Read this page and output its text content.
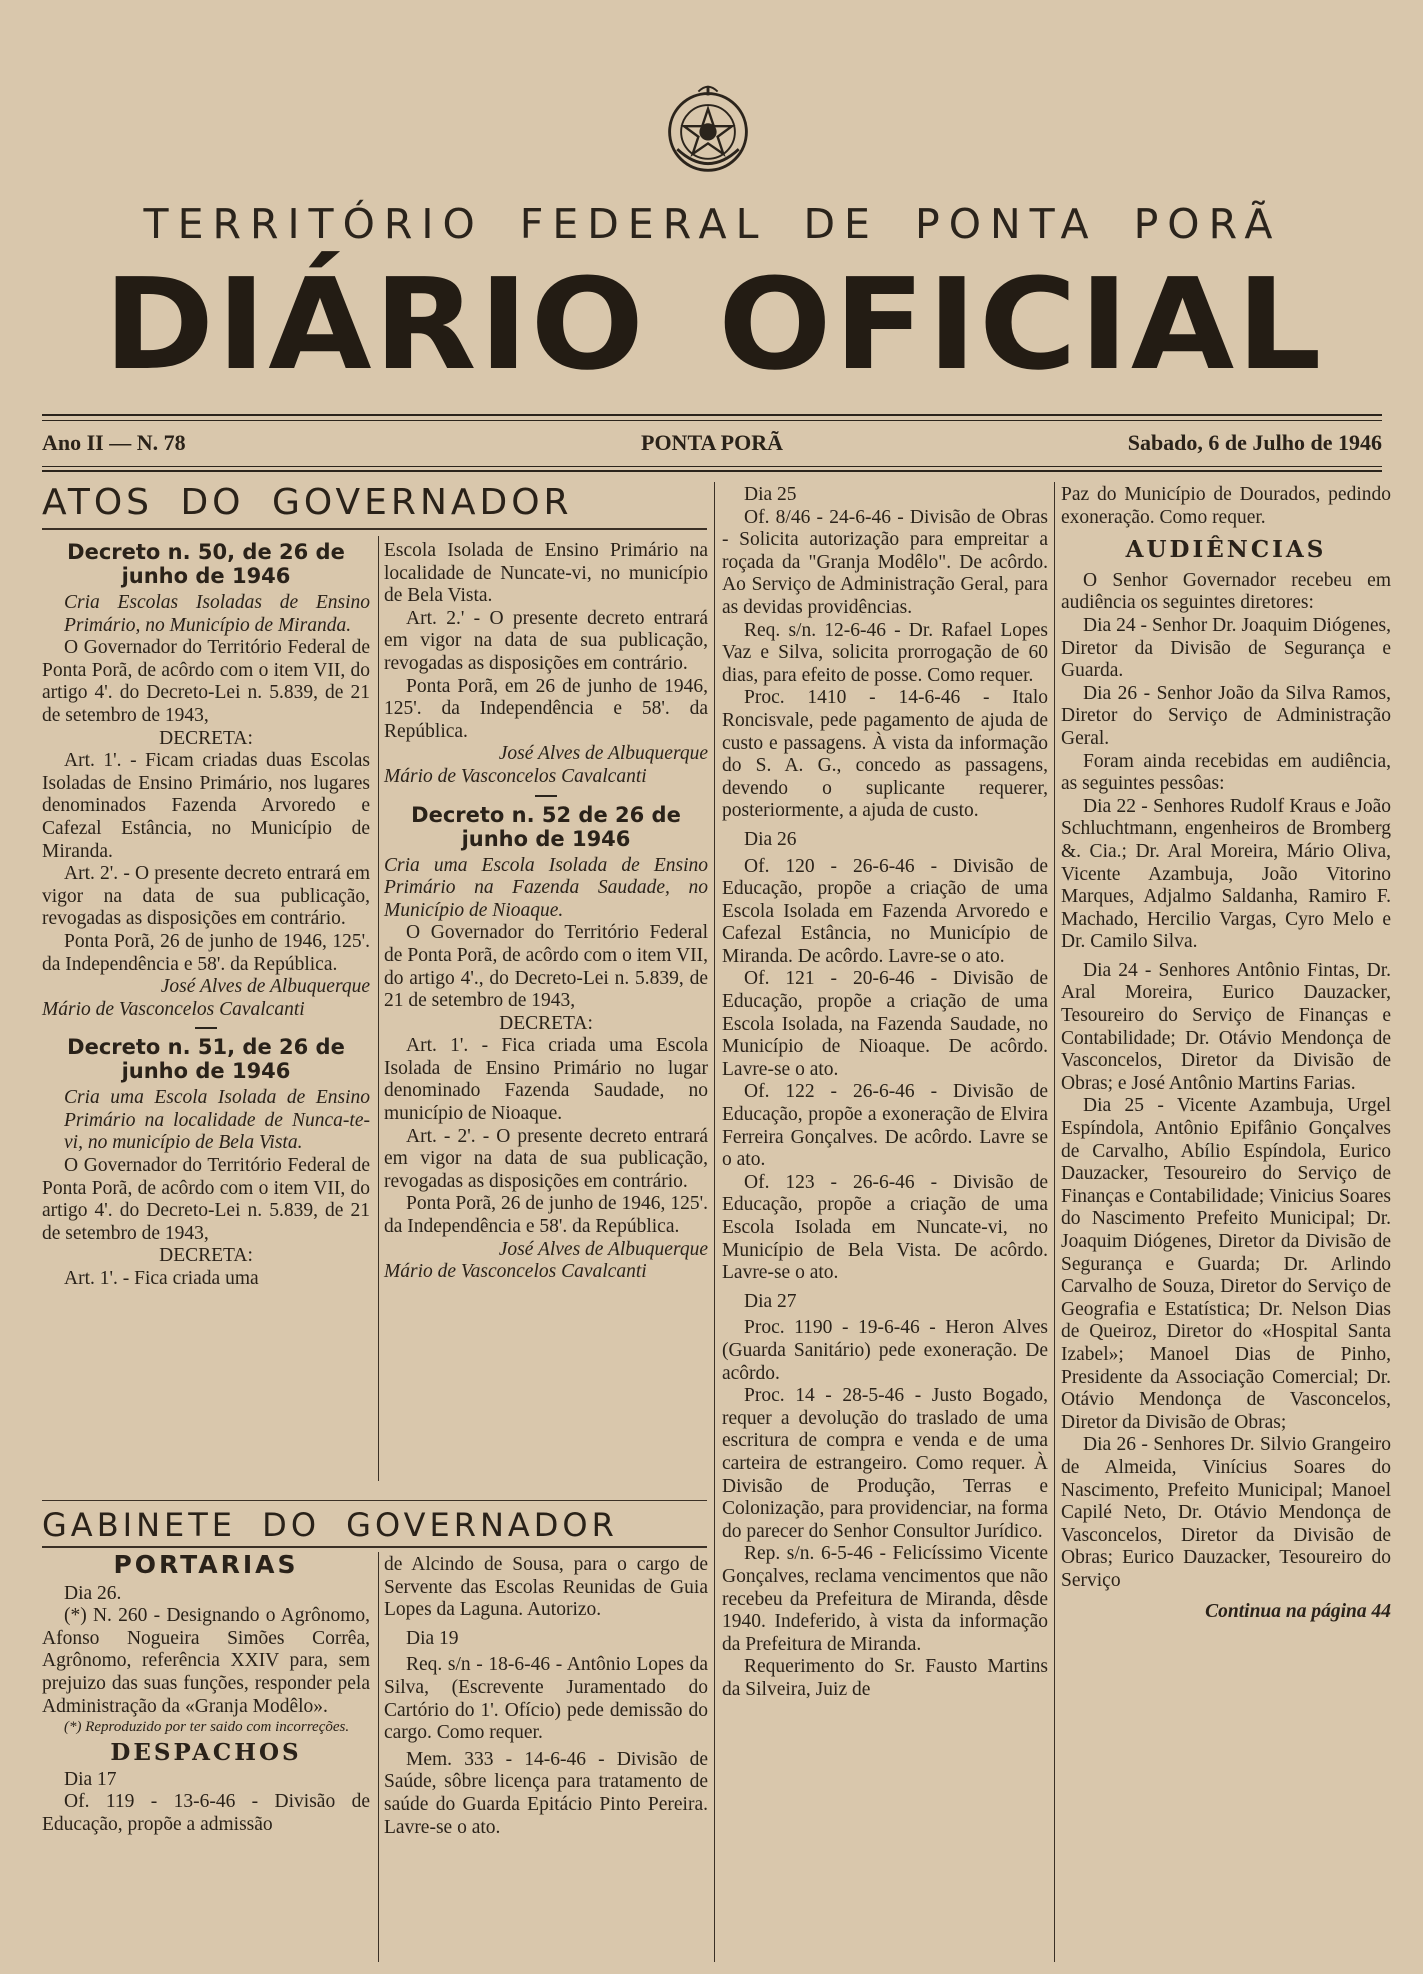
TERRITÓRIO FEDERAL DE PONTA PORÃ
DIÁRIO OFICIAL
Ano II — N. 78	PONTA PORÃ	Sabado, 6 de Julho de 1946
ATOS DO GOVERNADOR
Decreto n. 50, de 26 de junho de 1946

Cria Escolas Isoladas de Ensino Primário, no Município de Miranda.

O Governador do Território Federal de Ponta Porã, de acôrdo com o item VII, do artigo 4'. do Decreto-Lei n. 5.839, de 21 de setembro de 1943,

DECRETA:

Art. 1'. - Ficam criadas duas Escolas Isoladas de Ensino Primário, nos lugares denominados Fazenda Arvoredo e Cafezal Estância, no Município de Miranda.

Art. 2'. - O presente decreto entrará em vigor na data de sua publicação, revogadas as disposições em contrário.

Ponta Porã, 26 de junho de 1946, 125'. da Independência e 58'. da República.

José Alves de Albuquerque

Mário de Vasconcelos Cavalcanti

Decreto n. 51, de 26 de junho de 1946

Cria uma Escola Isolada de Ensino Primário na localidade de Nunca-te-vi, no município de Bela Vista.

O Governador do Território Federal de Ponta Porã, de acôrdo com o item VII, do artigo 4'. do Decreto-Lei n. 5.839, de 21 de setembro de 1943,

DECRETA:

Art. 1'. - Fica criada uma

Escola Isolada de Ensino Primário na localidade de Nuncate-vi, no município de Bela Vista.

Art. 2.' - O presente decreto entrará em vigor na data de sua publicação, revogadas as disposições em contrário.

Ponta Porã, em 26 de junho de 1946, 125'. da Independência e 58'. da República.

José Alves de Albuquerque

Mário de Vasconcelos Cavalcanti

Decreto n. 52 de 26 de junho de 1946

Cria uma Escola Isolada de Ensino Primário na Fazenda Saudade, no Município de Nioaque.

O Governador do Território Federal de Ponta Porã, de acôrdo com o item VII, do artigo 4'., do Decreto-Lei n. 5.839, de 21 de setembro de 1943,

DECRETA:

Art. 1'. - Fica criada uma Escola Isolada de Ensino Primário no lugar denominado Fazenda Saudade, no município de Nioaque.

Art. - 2'. - O presente decreto entrará em vigor na data de sua publicação, revogadas as disposições em contrário.

Ponta Porã, 26 de junho de 1946, 125'. da Independência e 58'. da República.

José Alves de Albuquerque

Mário de Vasconcelos Cavalcanti

GABINETE DO GOVERNADOR
PORTARIAS

Dia 26.

(*) N. 260 - Designando o Agrônomo, Afonso Nogueira Simões Corrêa, Agrônomo, referência XXIV para, sem prejuizo das suas funções, responder pela Administração da «Granja Modêlo».

(*) Reproduzido por ter saido com incorreções.

DESPACHOS

Dia 17

Of. 119 - 13-6-46 - Divisão de Educação, propõe a admissão

de Alcindo de Sousa, para o cargo de Servente das Escolas Reunidas de Guia Lopes da Laguna. Autorizo.

Dia 19

Req. s/n - 18-6-46 - Antônio Lopes da Silva, (Escrevente Juramentado do Cartório do 1'. Ofício) pede demissão do cargo. Como requer.

Mem. 333 - 14-6-46 - Divisão de Saúde, sôbre licença para tratamento de saúde do Guarda Epitácio Pinto Pereira. Lavre-se o ato.

Dia 25

Of. 8/46 - 24-6-46 - Divisão de Obras - Solicita autorização para empreitar a roçada da "Granja Modêlo". De acôrdo. Ao Serviço de Administração Geral, para as devidas providências.

Req. s/n. 12-6-46 - Dr. Rafael Lopes Vaz e Silva, solicita prorrogação de 60 dias, para efeito de posse. Como requer.

Proc. 1410 - 14-6-46 - Italo Roncisvale, pede pagamento de ajuda de custo e passagens. À vista da informação do S. A. G., concedo as passagens, devendo o suplicante requerer, posteriormente, a ajuda de custo.

Dia 26

Of. 120 - 26-6-46 - Divisão de Educação, propõe a criação de uma Escola Isolada em Fazenda Arvoredo e Cafezal Estância, no Município de Miranda. De acôrdo. Lavre-se o ato.

Of. 121 - 20-6-46 - Divisão de Educação, propõe a criação de uma Escola Isolada, na Fazenda Saudade, no Município de Nioaque. De acôrdo. Lavre-se o ato.

Of. 122 - 26-6-46 - Divisão de Educação, propõe a exoneração de Elvira Ferreira Gonçalves. De acôrdo. Lavre se o ato.

Of. 123 - 26-6-46 - Divisão de Educação, propõe a criação de uma Escola Isolada em Nuncate-vi, no Município de Bela Vista. De acôrdo. Lavre-se o ato.

Dia 27

Proc. 1190 - 19-6-46 - Heron Alves (Guarda Sanitário) pede exoneração. De acôrdo.

Proc. 14 - 28-5-46 - Justo Bogado, requer a devolução do traslado de uma escritura de compra e venda e de uma carteira de estrangeiro. Como requer. À Divisão de Produção, Terras e Colonização, para providenciar, na forma do parecer do Senhor Consultor Jurídico.

Rep. s/n. 6-5-46 - Felicíssimo Vicente Gonçalves, reclama vencimentos que não recebeu da Prefeitura de Miranda, dêsde 1940. Indeferido, à vista da informação da Prefeitura de Miranda.

Requerimento do Sr. Fausto Martins da Silveira, Juiz de

Paz do Município de Dourados, pedindo exoneração. Como requer.

AUDIÊNCIAS

O Senhor Governador recebeu em audiência os seguintes diretores:

Dia 24 - Senhor Dr. Joaquim Diógenes, Diretor da Divisão de Segurança e Guarda.

Dia 26 - Senhor João da Silva Ramos, Diretor do Serviço de Administração Geral.

Foram ainda recebidas em audiência, as seguintes pessôas:

Dia 22 - Senhores Rudolf Kraus e João Schluchtmann, engenheiros de Bromberg &. Cia.; Dr. Aral Moreira, Mário Oliva, Vicente Azambuja, João Vitorino Marques, Adjalmo Saldanha, Ramiro F. Machado, Hercilio Vargas, Cyro Melo e Dr. Camilo Silva.

Dia 24 - Senhores Antônio Fintas, Dr. Aral Moreira, Eurico Dauzacker, Tesoureiro do Serviço de Finanças e Contabilidade; Dr. Otávio Mendonça de Vasconcelos, Diretor da Divisão de Obras; e José Antônio Martins Farias.

Dia 25 - Vicente Azambuja, Urgel Espíndola, Antônio Epifânio Gonçalves de Carvalho, Abílio Espíndola, Eurico Dauzacker, Tesoureiro do Serviço de Finanças e Contabilidade; Vinicius Soares do Nascimento Prefeito Municipal; Dr. Joaquim Diógenes, Diretor da Divisão de Segurança e Guarda; Dr. Arlindo Carvalho de Souza, Diretor do Serviço de Geografia e Estatística; Dr. Nelson Dias de Queiroz, Diretor do «Hospital Santa Izabel»; Manoel Dias de Pinho, Presidente da Associação Comercial; Dr. Otávio Mendonça de Vasconcelos, Diretor da Divisão de Obras;

Dia 26 - Senhores Dr. Silvio Grangeiro de Almeida, Vinícius Soares do Nascimento, Prefeito Municipal; Manoel Capilé Neto, Dr. Otávio Mendonça de Vasconcelos, Diretor da Divisão de Obras; Eurico Dauzacker, Tesoureiro do Serviço

Continua na página 44
